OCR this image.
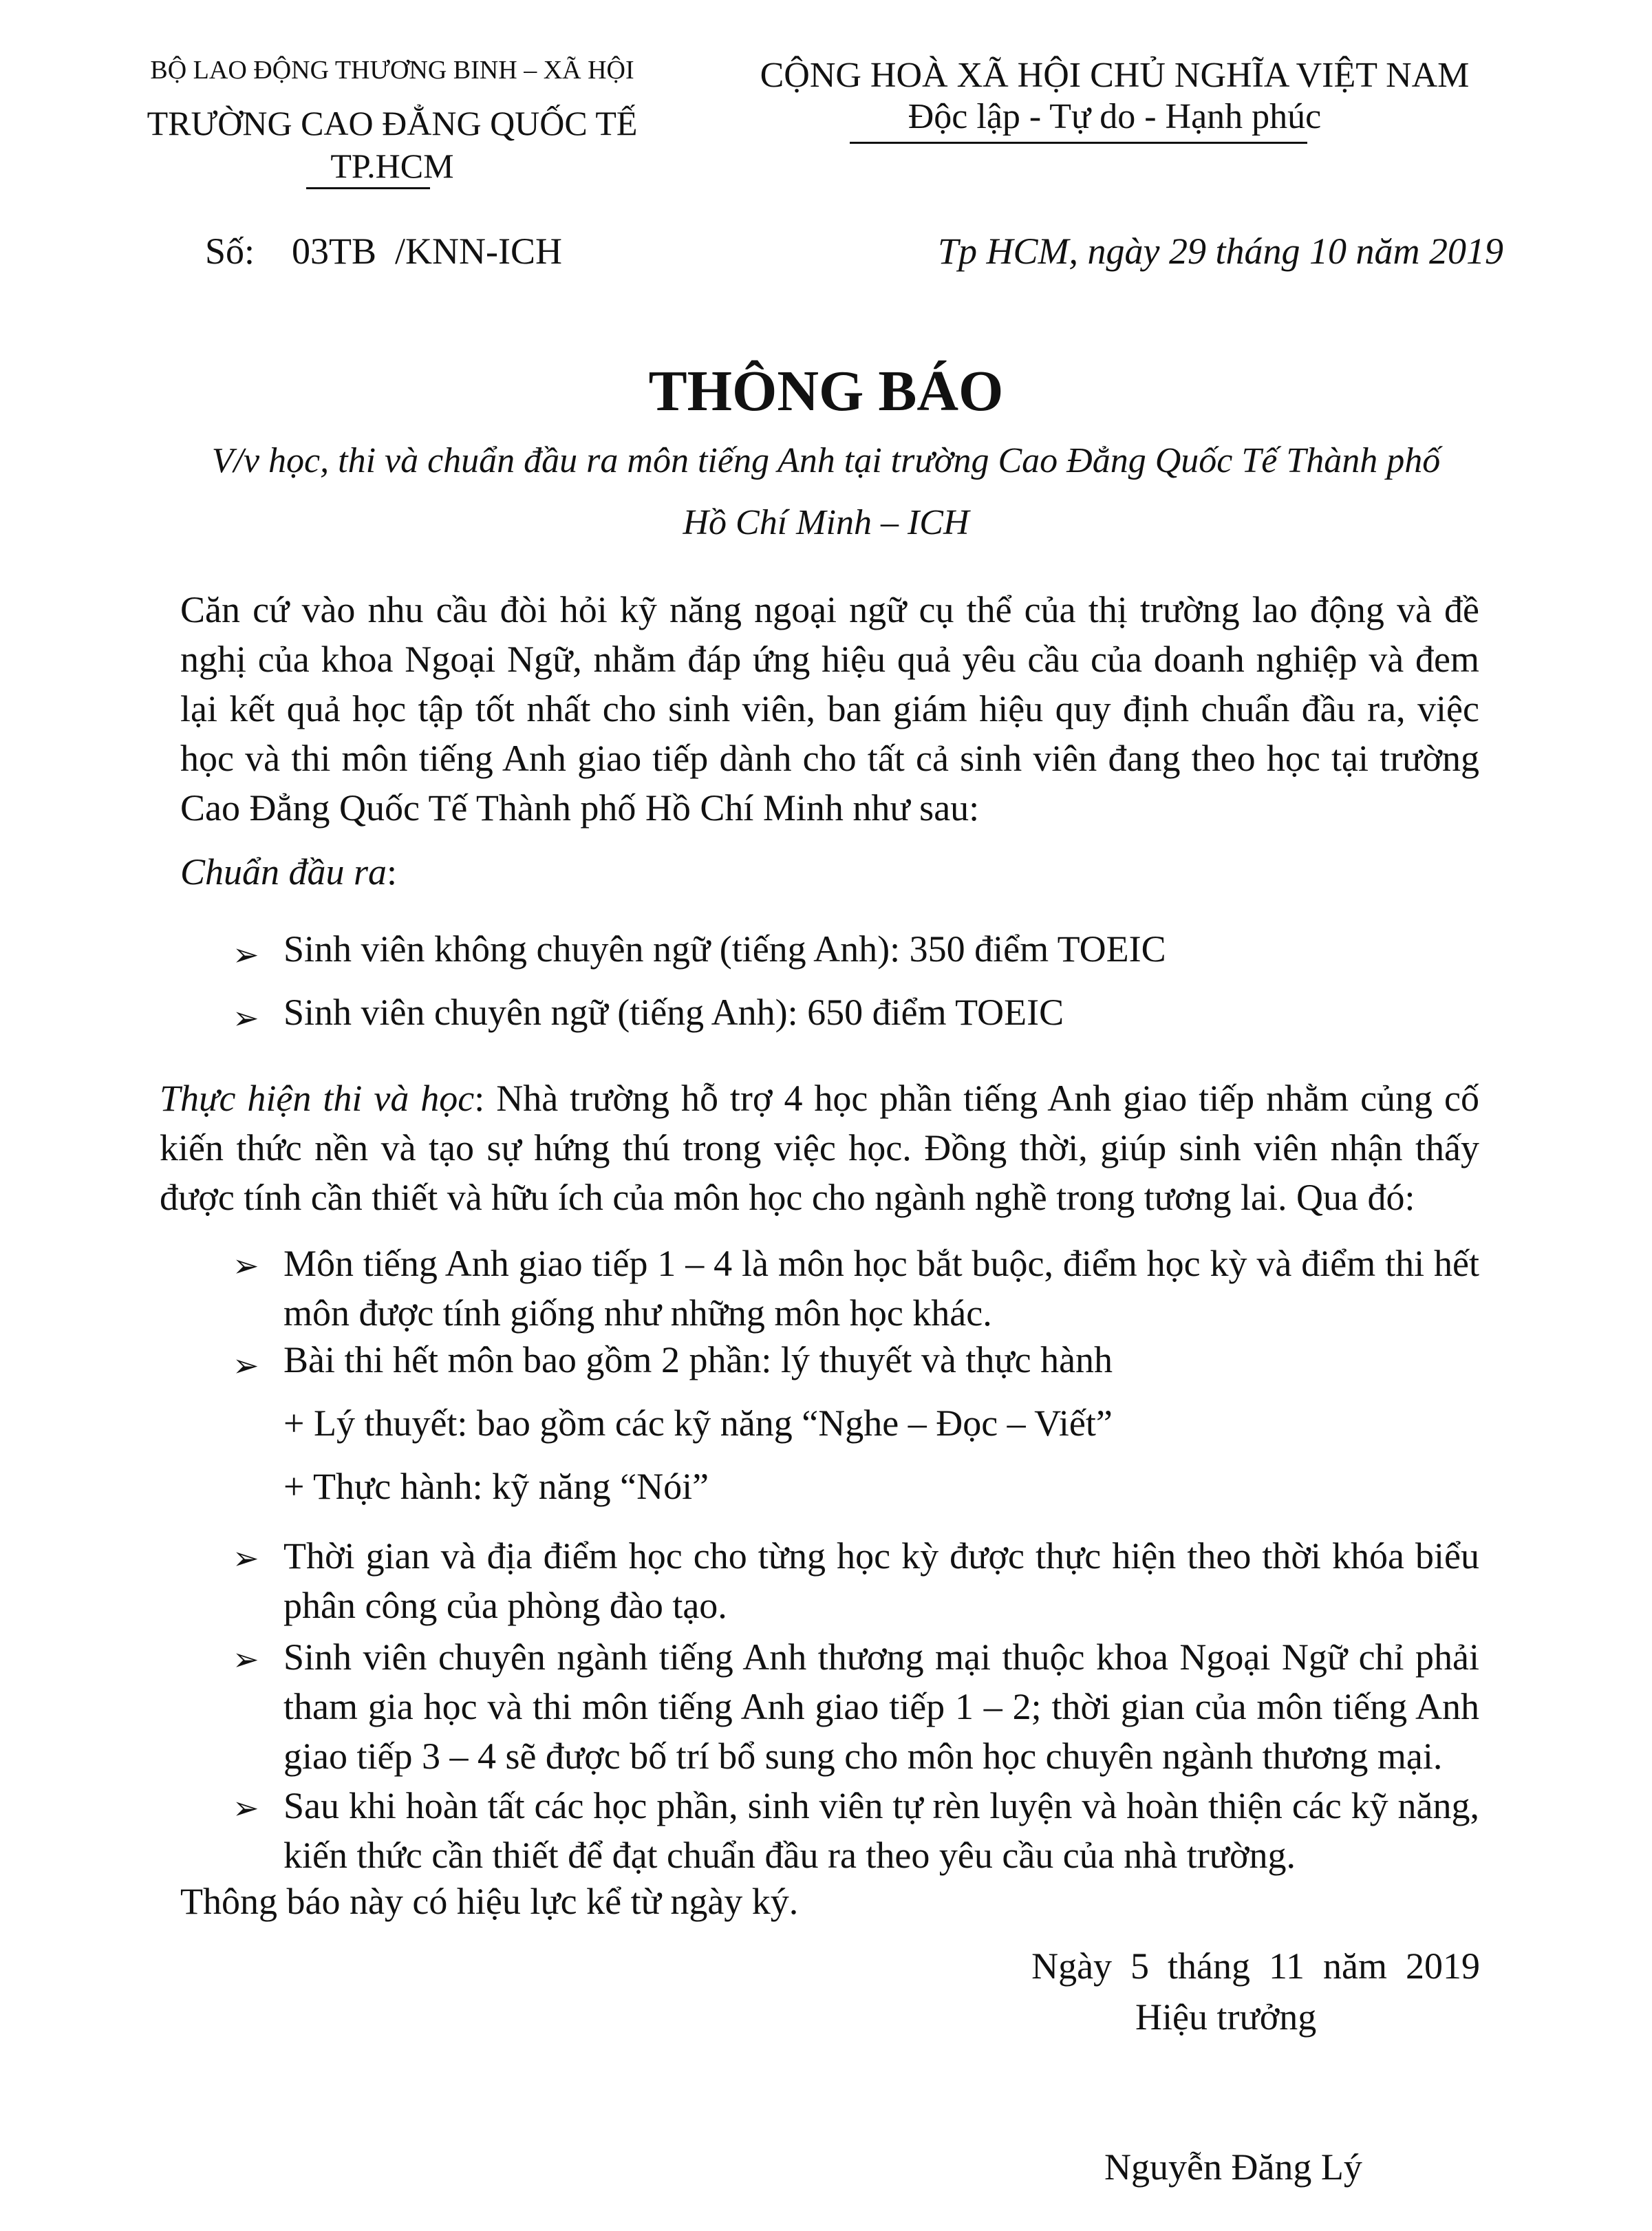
BỘ LAO ĐỘNG THƯƠNG BINH – XÃ HỘI
TRƯỜNG CAO ĐẲNG QUỐC TẾ
TP.HCM
CỘNG HOÀ XÃ HỘI CHỦ NGHĨA VIỆT NAM
Độc lập - Tự do - Hạnh phúc
Số:    03TB  /KNN-ICH	Tp HCM, ngày 29 tháng 10 năm 2019
THÔNG BÁO
V/v học, thi và chuẩn đầu ra môn tiếng Anh tại trường Cao Đẳng Quốc Tế Thành phố
Hồ Chí Minh – ICH
Căn cứ vào nhu cầu đòi hỏi kỹ năng ngoại ngữ cụ thể của thị trường lao động và đề
nghị của khoa Ngoại Ngữ, nhằm đáp ứng hiệu quả yêu cầu của doanh nghiệp và đem
lại kết quả học tập tốt nhất cho sinh viên, ban giám hiệu quy định chuẩn đầu ra, việc
học và thi môn tiếng Anh giao tiếp dành cho tất cả sinh viên đang theo học tại trường
Cao Đẳng Quốc Tế Thành phố Hồ Chí Minh như sau:
Chuẩn đầu ra:
➢ Sinh viên không chuyên ngữ (tiếng Anh): 350 điểm TOEIC
➢ Sinh viên chuyên ngữ (tiếng Anh): 650 điểm TOEIC
Thực hiện thi và học: Nhà trường hỗ trợ 4 học phần tiếng Anh giao tiếp nhằm củng cố
kiến thức nền và tạo sự hứng thú trong việc học. Đồng thời, giúp sinh viên nhận thấy
được tính cần thiết và hữu ích của môn học cho ngành nghề trong tương lai. Qua đó:
➢ Môn tiếng Anh giao tiếp 1 – 4 là môn học bắt buộc, điểm học kỳ và điểm thi hết
môn được tính giống như những môn học khác.
➢ Bài thi hết môn bao gồm 2 phần: lý thuyết và thực hành
+ Lý thuyết: bao gồm các kỹ năng “Nghe – Đọc – Viết”
+ Thực hành: kỹ năng “Nói”
➢ Thời gian và địa điểm học cho từng học kỳ được thực hiện theo thời khóa biểu
phân công của phòng đào tạo.
➢ Sinh viên chuyên ngành tiếng Anh thương mại thuộc khoa Ngoại Ngữ chỉ phải
tham gia học và thi môn tiếng Anh giao tiếp 1 – 2; thời gian của môn tiếng Anh
giao tiếp 3 – 4 sẽ được bố trí bổ sung cho môn học chuyên ngành thương mại.
➢ Sau khi hoàn tất các học phần, sinh viên tự rèn luyện và hoàn thiện các kỹ năng,
kiến thức cần thiết để đạt chuẩn đầu ra theo yêu cầu của nhà trường.
Thông báo này có hiệu lực kể từ ngày ký.
Ngày  5  tháng  11  năm  2019
Hiệu trưởng
Nguyễn Đăng Lý
